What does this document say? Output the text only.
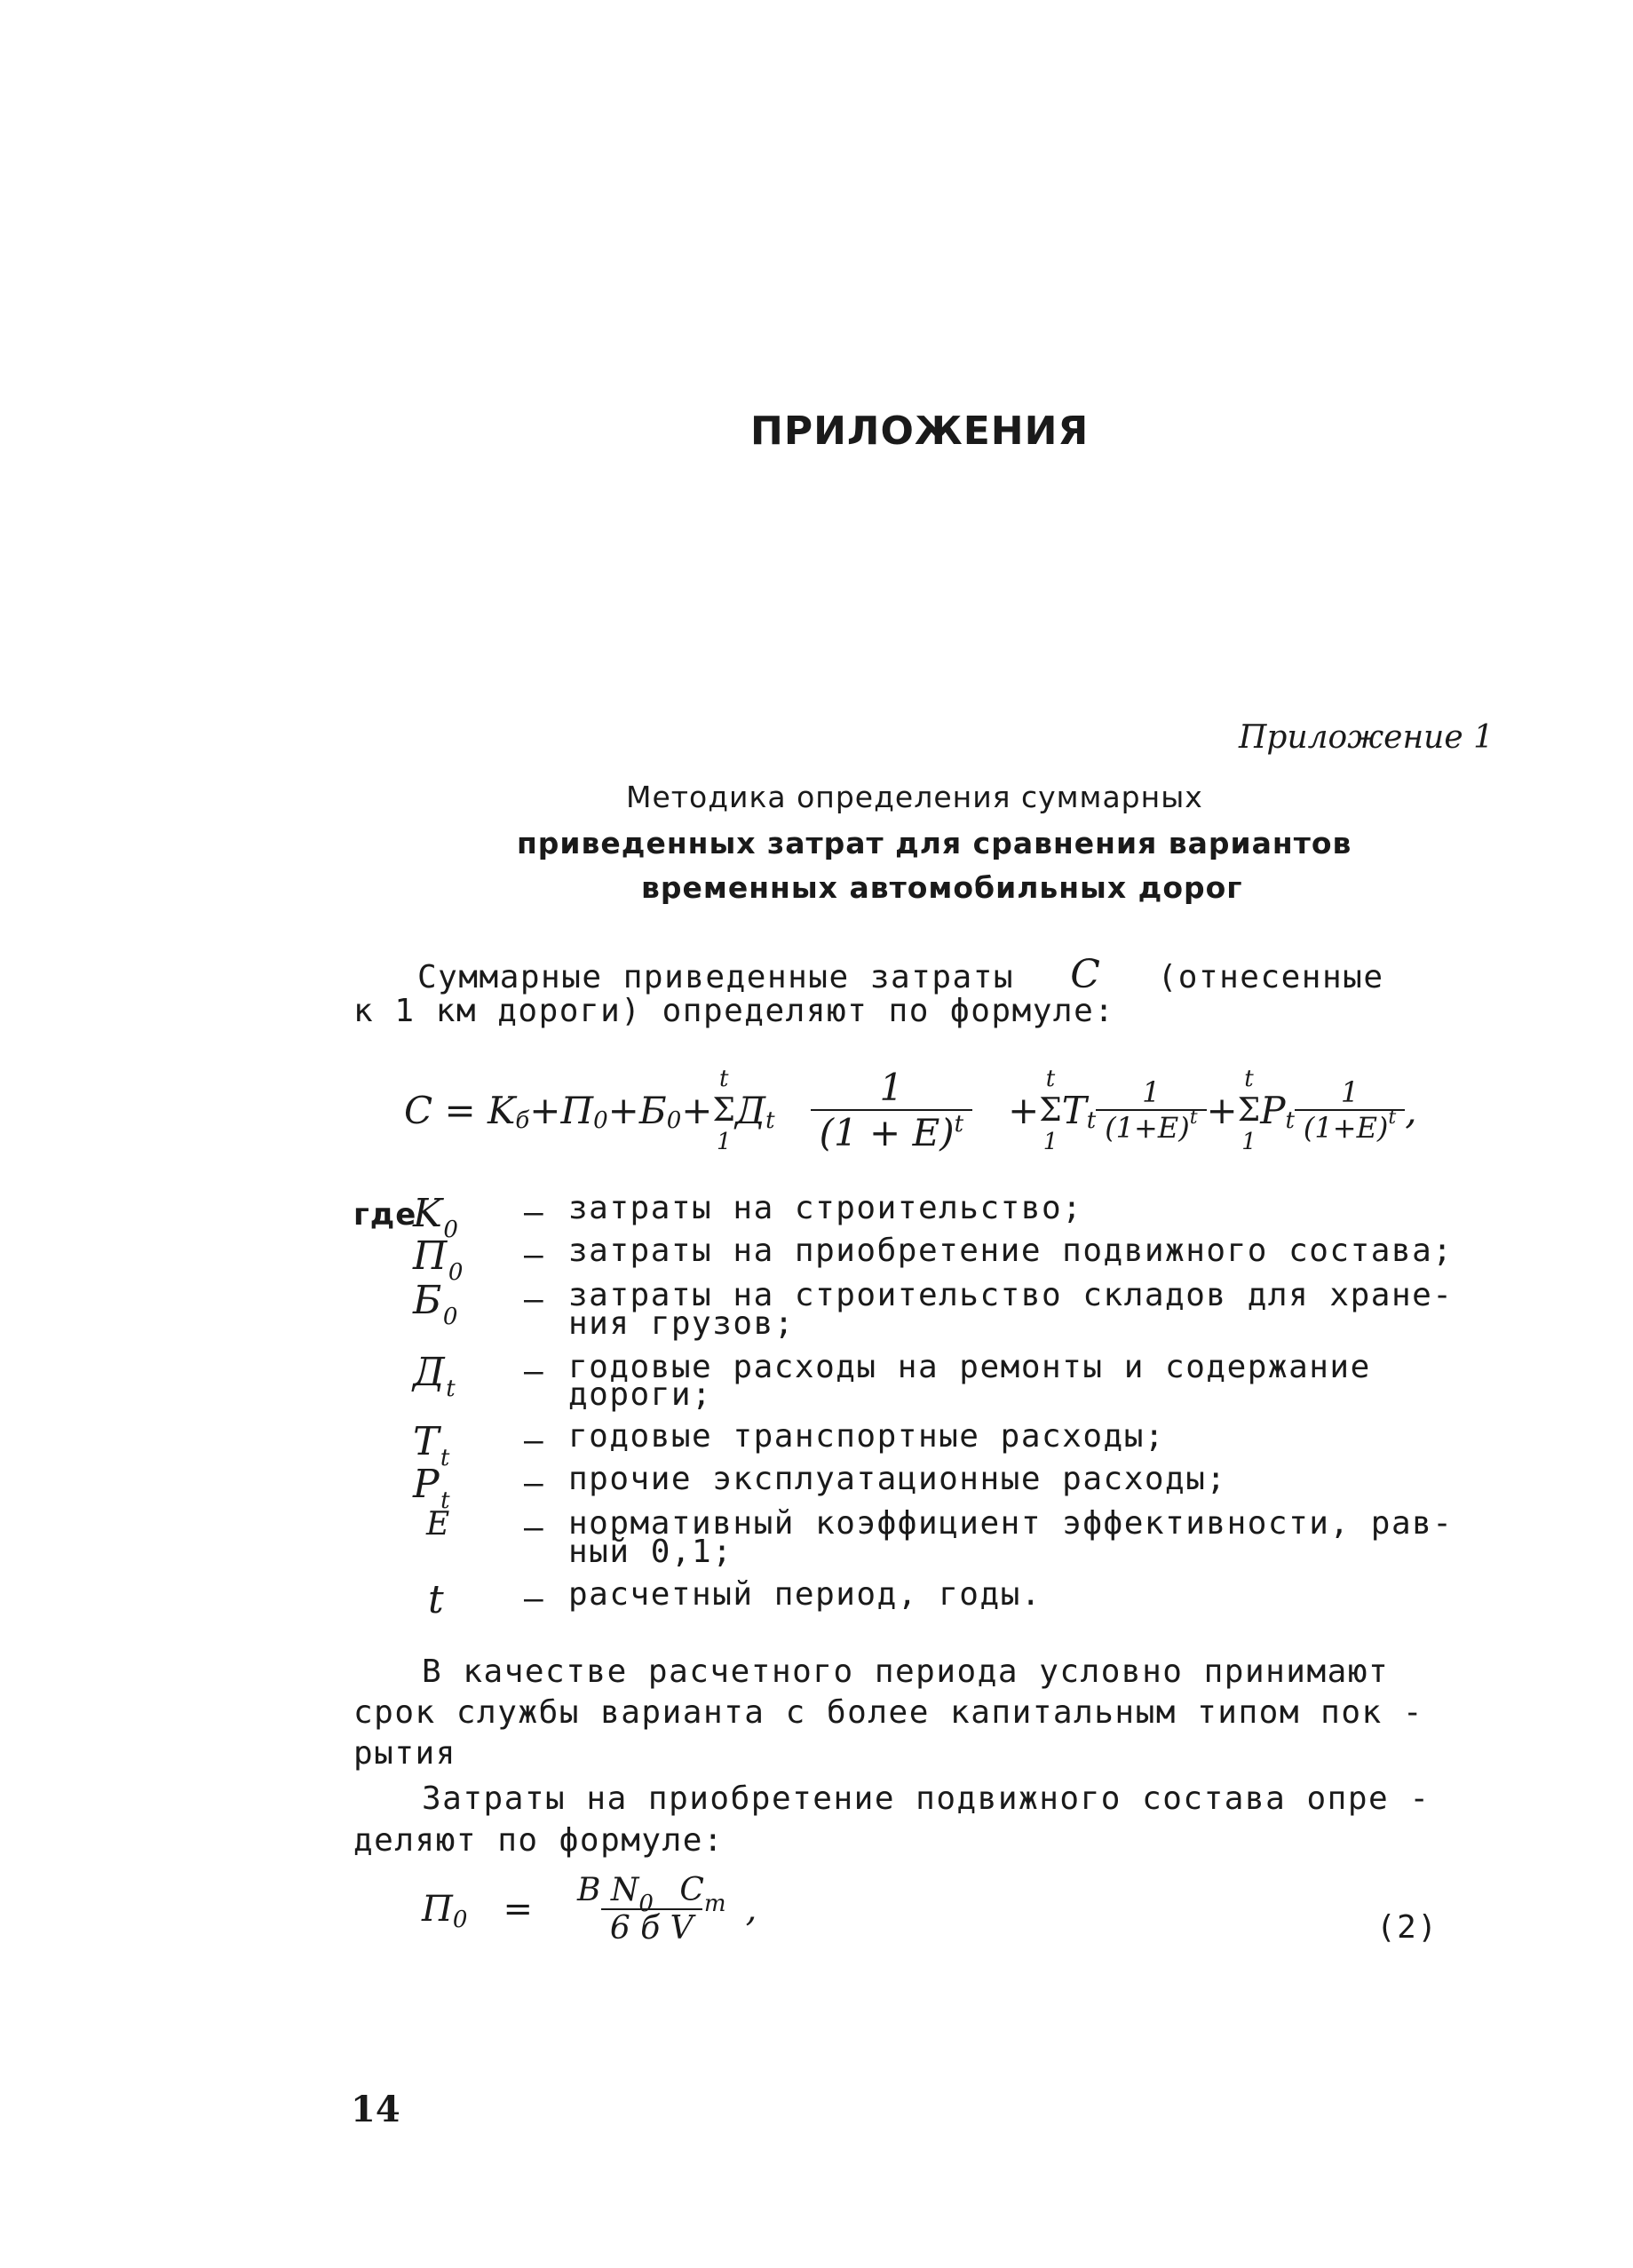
ПРИЛОЖЕНИЯ
Приложение 1
Методика определения суммарных
приведенных затрат для сравнения вариантов
временных автомобильных дорог
Суммарные приведенные затраты C (отнесенные
к 1 км дороги) определяют по формуле:
C = K б + П 0 + Б 0 +
t
Σ
1
Д t $\frac{1}{(1 + E)^t}$ +
t
Σ
1
T t $\frac{1}{(1+E)^t}$ +
t
Σ
1
P t $\frac{1}{(1+E)^t}$ ,
где
$K_0$	– затраты на строительство;
$П_0$	– затраты на приобретение подвижного состава;
$Б_0$	– затраты на строительство складов для хране-
ния грузов;
$Д_t$	– годовые расходы на ремонты и содержание
дороги;
$T_t$	– годовые транспортные расходы;
$P_t$	– прочие эксплуатационные расходы;
E	– нормативный коэффициент эффективности, рав-
ный 0,1;
t	– расчетный период, годы.
В качестве расчетного периода условно принимают
срок службы варианта с более капитальным типом пок -
рытия
Затраты на приобретение подвижного состава опре -
деляют по формуле:
П $0 = \frac{B N_0 C_m}{\text{6 б V}}$ ,	(2)
14
